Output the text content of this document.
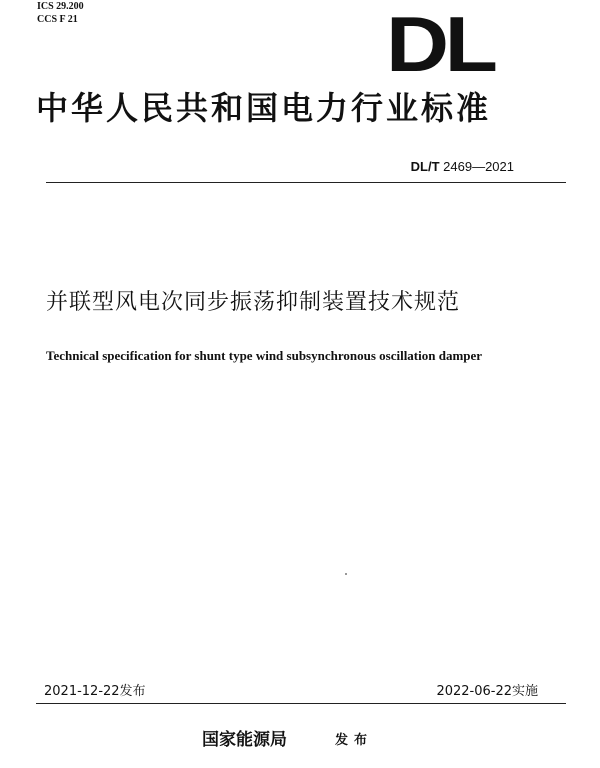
ICS 29.200
CCS F 21	DL
中华人民共和国电力行业标准
DL/T 2469—2021
并联型风电次同步振荡抑制装置技术规范
Technical specification for shunt type wind subsynchronous oscillation damper
2021-12-22发布	2022-06-22实施
国家能源局	发布
